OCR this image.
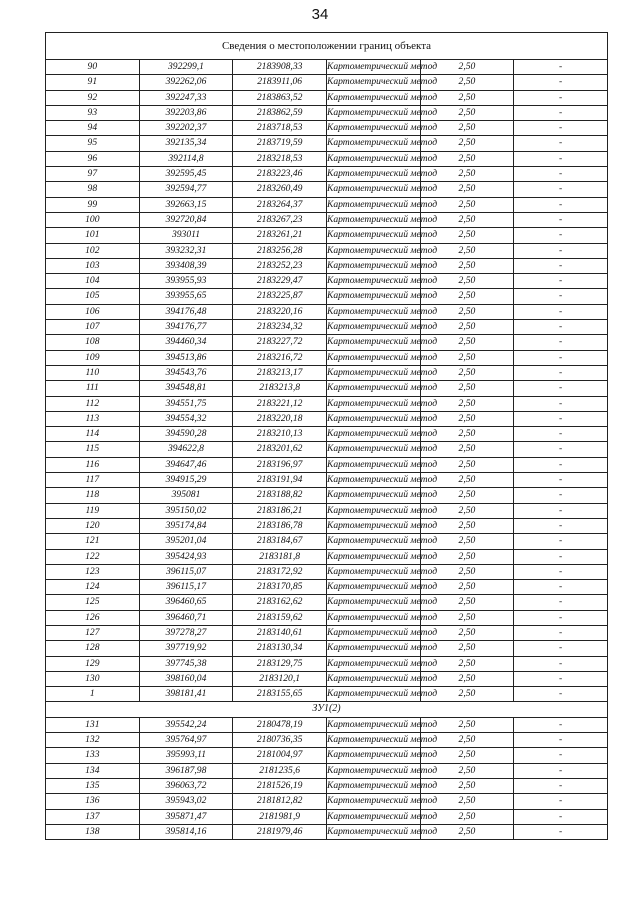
34
Сведения о местоположении границ объекта					
90	392299,1	2183908,33	Картометрический метод	2,50	-
91	392262,06	2183911,06	Картометрический метод	2,50	-
92	392247,33	2183863,52	Картометрический метод	2,50	-
93	392203,86	2183862,59	Картометрический метод	2,50	-
94	392202,37	2183718,53	Картометрический метод	2,50	-
95	392135,34	2183719,59	Картометрический метод	2,50	-
96	392114,8	2183218,53	Картометрический метод	2,50	-
97	392595,45	2183223,46	Картометрический метод	2,50	-
98	392594,77	2183260,49	Картометрический метод	2,50	-
99	392663,15	2183264,37	Картометрический метод	2,50	-
100	392720,84	2183267,23	Картометрический метод	2,50	-
101	393011	2183261,21	Картометрический метод	2,50	-
102	393232,31	2183256,28	Картометрический метод	2,50	-
103	393408,39	2183252,23	Картометрический метод	2,50	-
104	393955,93	2183229,47	Картометрический метод	2,50	-
105	393955,65	2183225,87	Картометрический метод	2,50	-
106	394176,48	2183220,16	Картометрический метод	2,50	-
107	394176,77	2183234,32	Картометрический метод	2,50	-
108	394460,34	2183227,72	Картометрический метод	2,50	-
109	394513,86	2183216,72	Картометрический метод	2,50	-
110	394543,76	2183213,17	Картометрический метод	2,50	-
111	394548,81	2183213,8	Картометрический метод	2,50	-
112	394551,75	2183221,12	Картометрический метод	2,50	-
113	394554,32	2183220,18	Картометрический метод	2,50	-
114	394590,28	2183210,13	Картометрический метод	2,50	-
115	394622,8	2183201,62	Картометрический метод	2,50	-
116	394647,46	2183196,97	Картометрический метод	2,50	-
117	394915,29	2183191,94	Картометрический метод	2,50	-
118	395081	2183188,82	Картометрический метод	2,50	-
119	395150,02	2183186,21	Картометрический метод	2,50	-
120	395174,84	2183186,78	Картометрический метод	2,50	-
121	395201,04	2183184,67	Картометрический метод	2,50	-
122	395424,93	2183181,8	Картометрический метод	2,50	-
123	396115,07	2183172,92	Картометрический метод	2,50	-
124	396115,17	2183170,85	Картометрический метод	2,50	-
125	396460,65	2183162,62	Картометрический метод	2,50	-
126	396460,71	2183159,62	Картометрический метод	2,50	-
127	397278,27	2183140,61	Картометрический метод	2,50	-
128	397719,92	2183130,34	Картометрический метод	2,50	-
129	397745,38	2183129,75	Картометрический метод	2,50	-
130	398160,04	2183120,1	Картометрический метод	2,50	-
1	398181,41	2183155,65	Картометрический метод	2,50	-
ЗУ1(2)					
131	395542,24	2180478,19	Картометрический метод	2,50	-
132	395764,97	2180736,35	Картометрический метод	2,50	-
133	395993,11	2181004,97	Картометрический метод	2,50	-
134	396187,98	2181235,6	Картометрический метод	2,50	-
135	396063,72	2181526,19	Картометрический метод	2,50	-
136	395943,02	2181812,82	Картометрический метод	2,50	-
137	395871,47	2181981,9	Картометрический метод	2,50	-
138	395814,16	2181979,46	Картометрический метод	2,50	-
